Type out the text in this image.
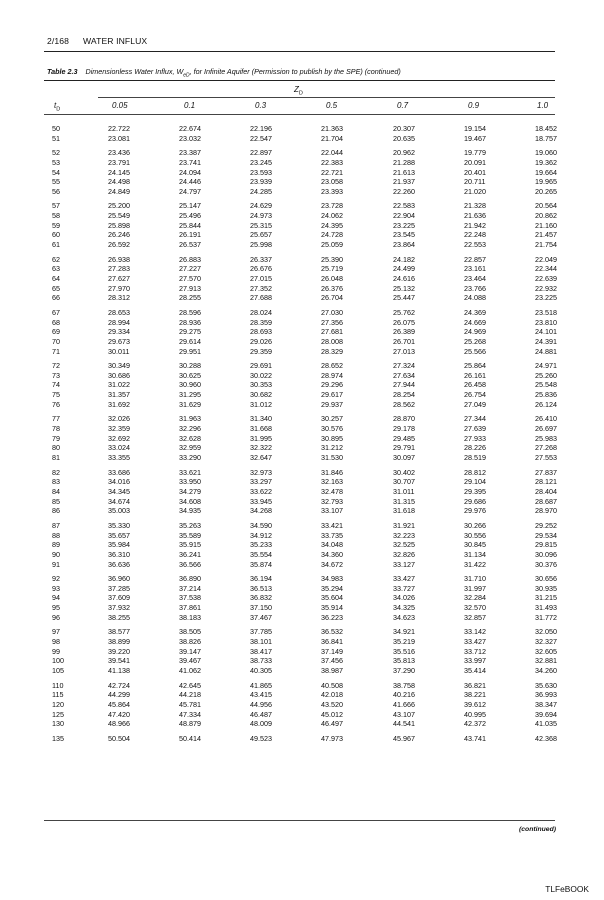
2/168 WATER INFLUX
Table 2.3 Dimensionless Water Influx, $W_{eD}$, for Infinite Aquifer (Permission to publish by the SPE) (continued)
$Z_D$
$t_D$	0.05	0.1	0.3	0.5	0.7	0.9	1.0
50	22.722	22.674	22.196	21.363	20.307	19.154	18.452
51	23.081	23.032	22.547	21.704	20.635	19.467	18.757
52	23.436	23.387	22.897	22.044	20.962	19.779	19.060
53	23.791	23.741	23.245	22.383	21.288	20.091	19.362
54	24.145	24.094	23.593	22.721	21.613	20.401	19.664
55	24.498	24.446	23.939	23.058	21.937	20.711	19.965
56	24.849	24.797	24.285	23.393	22.260	21.020	20.265
57	25.200	25.147	24.629	23.728	22.583	21.328	20.564
58	25.549	25.496	24.973	24.062	22.904	21.636	20.862
59	25.898	25.844	25.315	24.395	23.225	21.942	21.160
60	26.246	26.191	25.657	24.728	23.545	22.248	21.457
61	26.592	26.537	25.998	25.059	23.864	22.553	21.754
62	26.938	26.883	26.337	25.390	24.182	22.857	22.049
63	27.283	27.227	26.676	25.719	24.499	23.161	22.344
64	27.627	27.570	27.015	26.048	24.616	23.464	22.639
65	27.970	27.913	27.352	26.376	25.132	23.766	22.932
66	28.312	28.255	27.688	26.704	25.447	24.088	23.225
67	28.653	28.596	28.024	27.030	25.762	24.369	23.518
68	28.994	28.936	28.359	27.356	26.075	24.669	23.810
69	29.334	29.275	28.693	27.681	26.389	24.969	24.101
70	29.673	29.614	29.026	28.008	26.701	25.268	24.391
71	30.011	29.951	29.359	28.329	27.013	25.566	24.881
72	30.349	30.288	29.691	28.652	27.324	25.864	24.971
73	30.686	30.625	30.022	28.974	27.634	26.161	25.260
74	31.022	30.960	30.353	29.296	27.944	26.458	25.548
75	31.357	31.295	30.682	29.617	28.254	26.754	25.836
76	31.692	31.629	31.012	29.937	28.562	27.049	26.124
77	32.026	31.963	31.340	30.257	28.870	27.344	26.410
78	32.359	32.296	31.668	30.576	29.178	27.639	26.697
79	32.692	32.628	31.995	30.895	29.485	27.933	25.983
80	33.024	32.959	32.322	31.212	29.791	28.226	27.268
81	33.355	33.290	32.647	31.530	30.097	28.519	27.553
82	33.686	33.621	32.973	31.846	30.402	28.812	27.837
83	34.016	33.950	33.297	32.163	30.707	29.104	28.121
84	34.345	34.279	33.622	32.478	31.011	29.395	28.404
85	34.674	34.608	33.945	32.793	31.315	29.686	28.687
86	35.003	34.935	34.268	33.107	31.618	29.976	28.970
87	35.330	35.263	34.590	33.421	31.921	30.266	29.252
88	35.657	35.589	34.912	33.735	32.223	30.556	29.534
89	35.984	35.915	35.233	34.048	32.525	30.845	29.815
90	36.310	36.241	35.554	34.360	32.826	31.134	30.096
91	36.636	36.566	35.874	34.672	33.127	31.422	30.376
92	36.960	36.890	36.194	34.983	33.427	31.710	30.656
93	37.285	37.214	36.513	35.294	33.727	31.997	30.935
94	37.609	37.538	36.832	35.604	34.026	32.284	31.215
95	37.932	37.861	37.150	35.914	34.325	32.570	31.493
96	38.255	38.183	37.467	36.223	34.623	32.857	31.772
97	38.577	38.505	37.785	36.532	34.921	33.142	32.050
98	38.899	38.826	38.101	36.841	35.219	33.427	32.327
99	39.220	39.147	38.417	37.149	35.516	33.712	32.605
100	39.541	39.467	38.733	37.456	35.813	33.997	32.881
105	41.138	41.062	40.305	38.987	37.290	35.414	34.260
110	42.724	42.645	41.865	40.508	38.758	36.821	35.630
115	44.299	44.218	43.415	42.018	40.216	38.221	36.993
120	45.864	45.781	44.956	43.520	41.666	39.612	38.347
125	47.420	47.334	46.487	45.012	43.107	40.995	39.694
130	48.966	48.879	48.009	46.497	44.541	42.372	41.035
135	50.504	50.414	49.523	47.973	45.967	43.741	42.368
(continued)
TLFeBOOK
